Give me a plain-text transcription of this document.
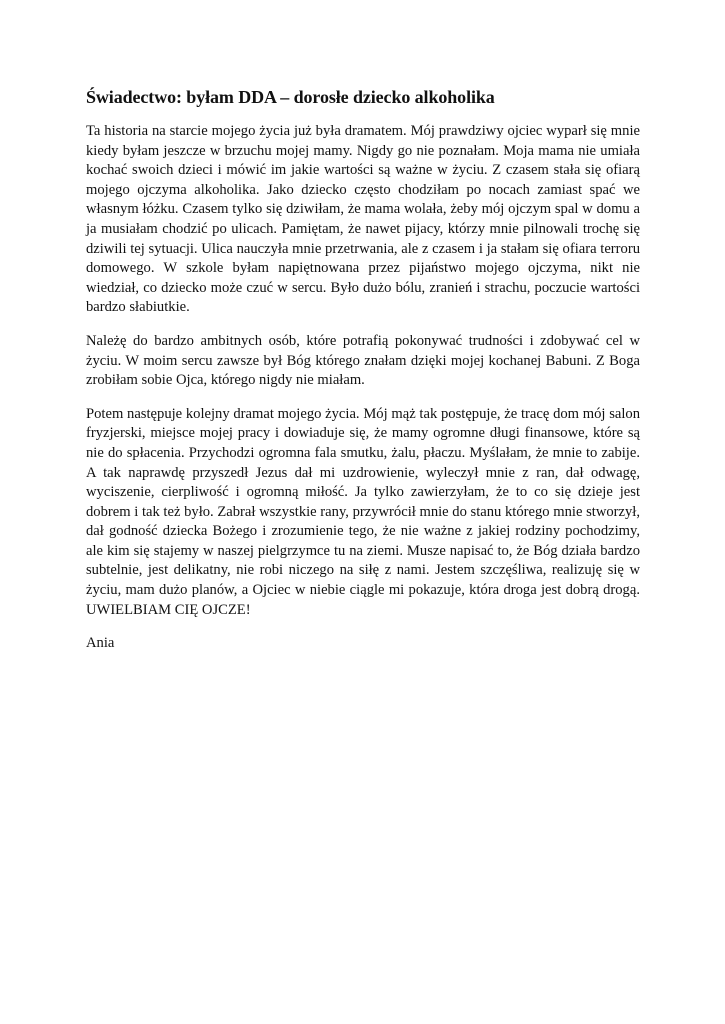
Świadectwo: byłam DDA – dorosłe dziecko alkoholika

Ta historia na starcie mojego życia już była dramatem. Mój prawdziwy ojciec wyparł się mnie kiedy byłam jeszcze w brzuchu mojej mamy. Nigdy go nie poznałam. Moja mama nie umiała kochać swoich dzieci i mówić im jakie wartości są ważne w życiu. Z czasem stała się ofiarą mojego ojczyma alkoholika. Jako dziecko często chodziłam po nocach zamiast spać we własnym łóżku. Czasem tylko się dziwiłam, że mama wolała, żeby mój ojczym spal w domu a ja musiałam chodzić po ulicach. Pamiętam, że nawet pijacy, którzy mnie pilnowali trochę się dziwili tej sytuacji. Ulica nauczyła mnie przetrwania, ale z czasem i ja stałam się ofiara terroru domowego. W szkole byłam napiętnowana przez pijaństwo mojego ojczyma, nikt nie wiedział, co dziecko może czuć w sercu. Było dużo bólu, zranień i strachu, poczucie wartości bardzo słabiutkie.

Należę do bardzo ambitnych osób, które potrafią pokonywać trudności i zdobywać cel w życiu. W moim sercu zawsze był Bóg którego znałam dzięki mojej kochanej Babuni. Z Boga zrobiłam sobie Ojca, którego nigdy nie miałam.

Potem następuje kolejny dramat mojego życia. Mój mąż tak postępuje, że tracę dom mój salon fryzjerski, miejsce mojej pracy i dowiaduje się, że mamy ogromne długi finansowe, które są nie do spłacenia. Przychodzi ogromna fala smutku, żalu, płaczu. Myślałam, że mnie to zabije. A tak naprawdę przyszedł Jezus dał mi uzdrowienie, wyleczył mnie z ran, dał odwagę, wyciszenie, cierpliwość i ogromną miłość. Ja tylko zawierzyłam, że to co się dzieje jest dobrem i tak też było. Zabrał wszystkie rany, przywrócił mnie do stanu którego mnie stworzył, dał godność dziecka Bożego i zrozumienie tego, że nie ważne z jakiej rodziny pochodzimy, ale kim się stajemy w naszej pielgrzymce tu na ziemi. Musze napisać to, że Bóg działa bardzo subtelnie, jest delikatny, nie robi niczego na siłę z nami. Jestem szczęśliwa, realizuję się w życiu, mam dużo planów, a Ojciec w niebie ciągle mi pokazuje, która droga jest dobrą drogą. UWIELBIAM CIĘ OJCZE!

Ania
